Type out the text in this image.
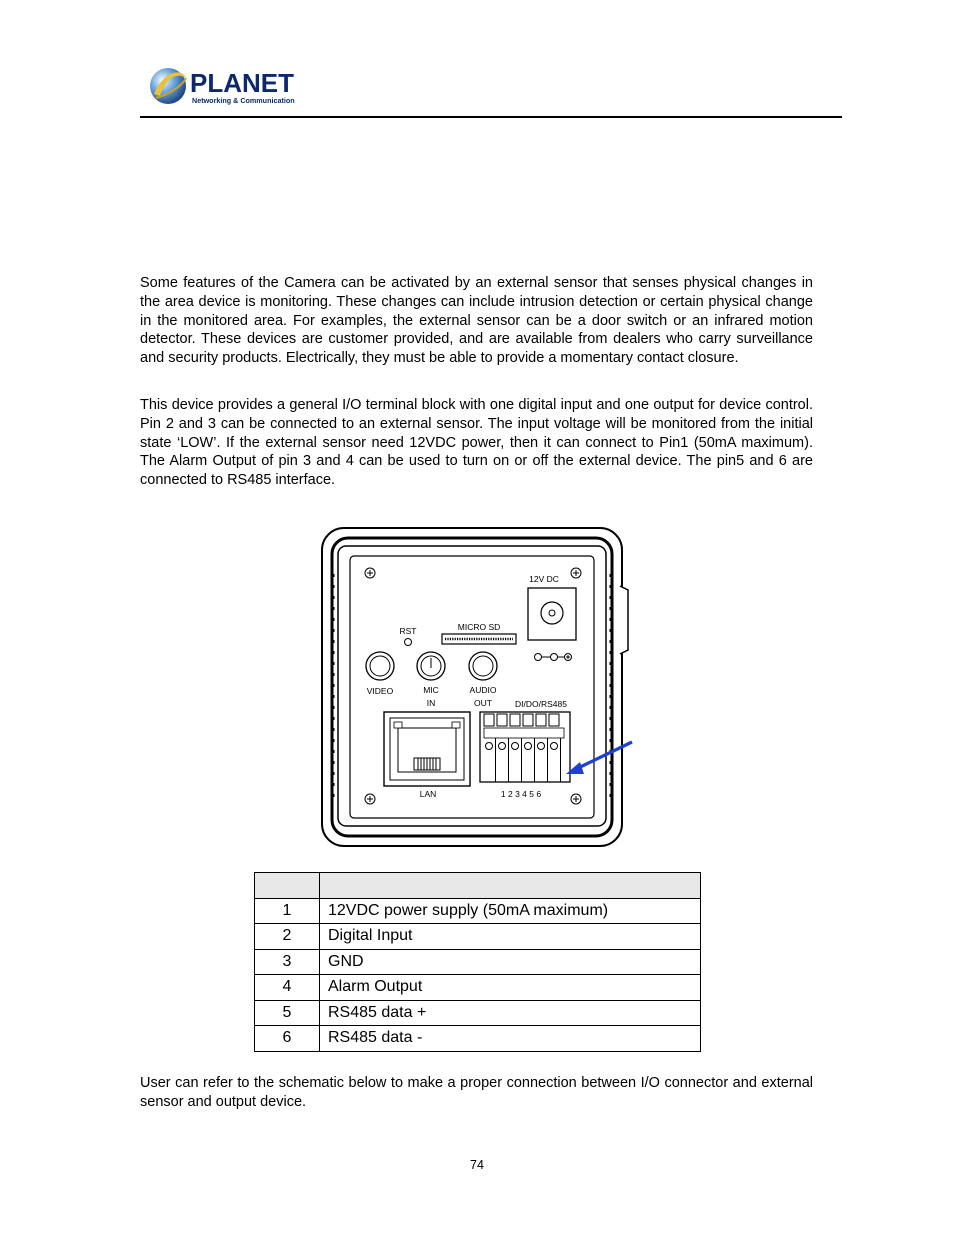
PLANET
Networking & Communication

Some features of the Camera can be activated by an external sensor that senses physical changes in the area device is monitoring. These changes can include intrusion detection or certain physical change in the monitored area. For examples, the external sensor can be a door switch or an infrared motion detector. These devices are customer provided, and are available from dealers who carry surveillance and security products. Electrically, they must be able to provide a momentary contact closure.

This device provides a general I/O terminal block with one digital input and one output for device control. Pin 2 and 3 can be connected to an external sensor. The input voltage will be monitored from the initial state ‘LOW’. If the external sensor need 12VDC power, then it can connect to Pin1 (50mA maximum). The Alarm Output of pin 3 and 4 can be used to turn on or off the external device. The pin5 and 6 are connected to RS485 interface.

12V DC
RST	MICRO SD
VIDEO	MIC
IN
AUDIO
OUT
LAN
DI/DO/RS485
1 2 3 4 5 6

1	12VDC power supply (50mA maximum)
2	Digital Input
3	GND
4	Alarm Output
5	RS485 data +
6	RS485 data -

User can refer to the schematic below to make a proper connection between I/O connector and external sensor and output device.

74
